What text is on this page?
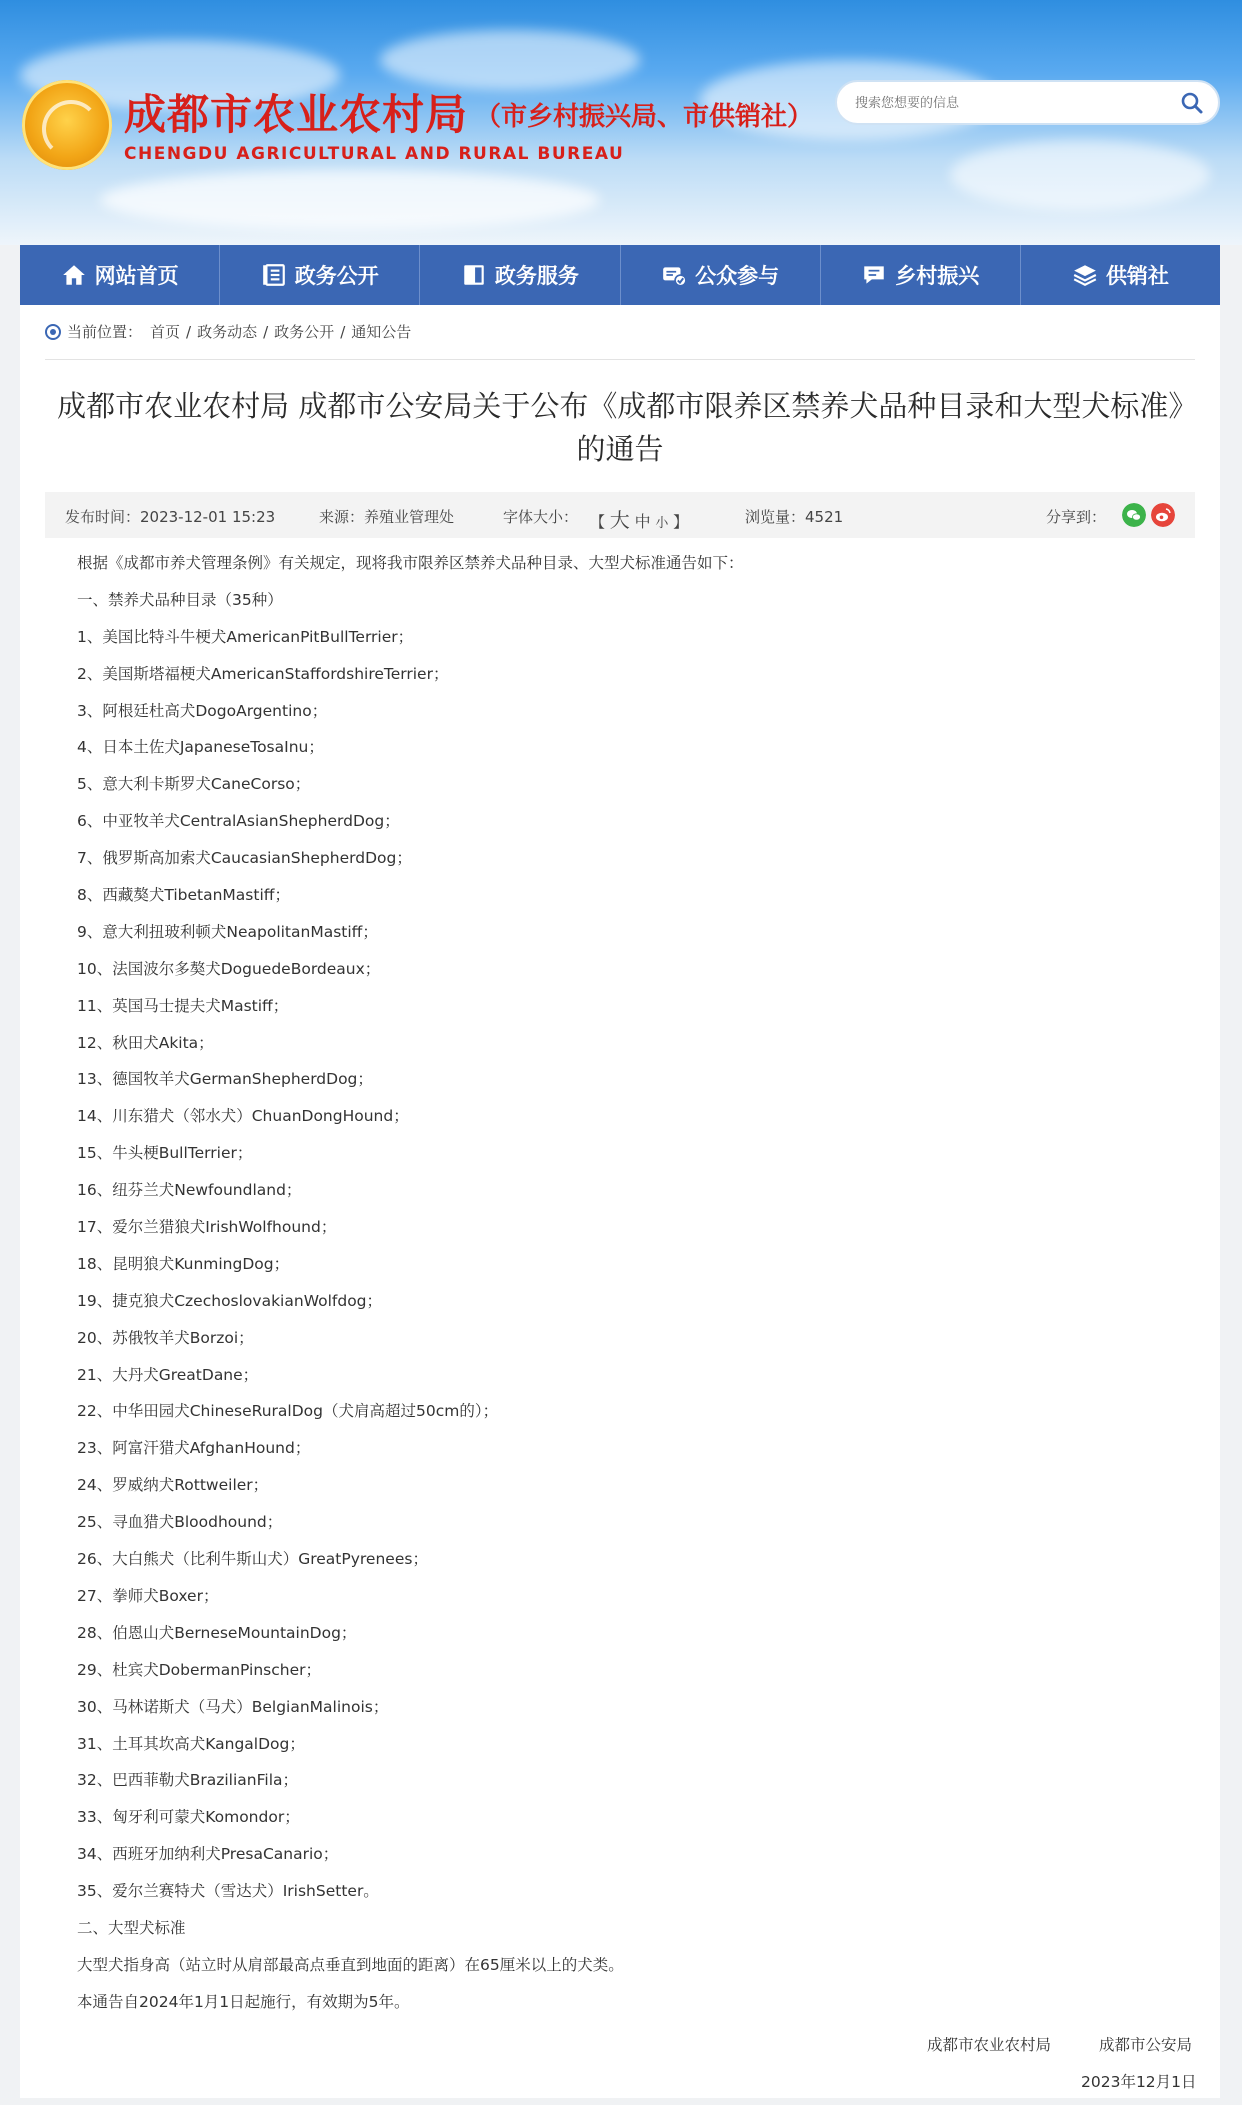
成都市农业农村局 （市乡村振兴局、市供销社）
CHENGDU AGRICULTURAL AND RURAL BUREAU
搜索您想要的信息
网站首页	政务公开	政务服务	公众参与	乡村振兴	供销社
当前位置： 首页 / 政务动态 / 政务公开 / 通知公告
成都市农业农村局 成都市公安局关于公布《成都市限养区禁养犬品种目录和大型犬标准》的通告
发布时间：2023-12-01 15:23	来源：养殖业管理处	字体大小： 【 大 中 小 】	浏览量：4521	分享到：

根据《成都市养犬管理条例》有关规定，现将我市限养区禁养犬品种目录、大型犬标准通告如下：

一、禁养犬品种目录（35种）

1、美国比特斗牛梗犬AmericanPitBullTerrier；

2、美国斯塔福梗犬AmericanStaffordshireTerrier；

3、阿根廷杜高犬DogoArgentino；

4、日本土佐犬JapaneseTosaInu；

5、意大利卡斯罗犬CaneCorso；

6、中亚牧羊犬CentralAsianShepherdDog；

7、俄罗斯高加索犬CaucasianShepherdDog；

8、西藏獒犬TibetanMastiff；

9、意大利扭玻利顿犬NeapolitanMastiff；

10、法国波尔多獒犬DoguedeBordeaux；

11、英国马士提夫犬Mastiff；

12、秋田犬Akita；

13、德国牧羊犬GermanShepherdDog；

14、川东猎犬（邻水犬）ChuanDongHound；

15、牛头梗BullTerrier；

16、纽芬兰犬Newfoundland；

17、爱尔兰猎狼犬IrishWolfhound；

18、昆明狼犬KunmingDog；

19、捷克狼犬CzechoslovakianWolfdog；

20、苏俄牧羊犬Borzoi；

21、大丹犬GreatDane；

22、中华田园犬ChineseRuralDog（犬肩高超过50cm的）；

23、阿富汗猎犬AfghanHound；

24、罗威纳犬Rottweiler；

25、寻血猎犬Bloodhound；

26、大白熊犬（比利牛斯山犬）GreatPyrenees；

27、拳师犬Boxer；

28、伯恩山犬BerneseMountainDog；

29、杜宾犬DobermanPinscher；

30、马林诺斯犬（马犬）BelgianMalinois；

31、土耳其坎高犬KangalDog；

32、巴西菲勒犬BrazilianFila；

33、匈牙利可蒙犬Komondor；

34、西班牙加纳利犬PresaCanario；

35、爱尔兰赛特犬（雪达犬）IrishSetter。

二、大型犬标准

大型犬指身高（站立时从肩部最高点垂直到地面的距离）在65厘米以上的犬类。

本通告自2024年1月1日起施行，有效期为5年。

成都市农业农村局	成都市公安局
2023年12月1日
